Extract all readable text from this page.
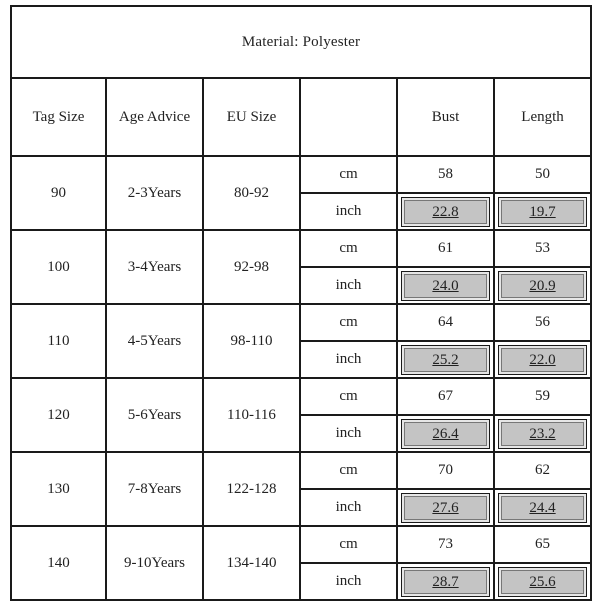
Material: Polyester					
Tag Size	Age Advice	EU Size		Bust	Length
90	2-3Years	80-92	cm	58	50
			inch	22.8	19.7

100	3-4Years	92-98	cm	61	53
			inch	24.0	20.9

110	4-5Years	98-110	cm	64	56
			inch	25.2	22.0

120	5-6Years	110-116	cm	67	59
			inch	26.4	23.2

130	7-8Years	122-128	cm	70	62
			inch	27.6	24.4

140	9-10Years	134-140	cm	73	65
			inch	28.7	25.6
